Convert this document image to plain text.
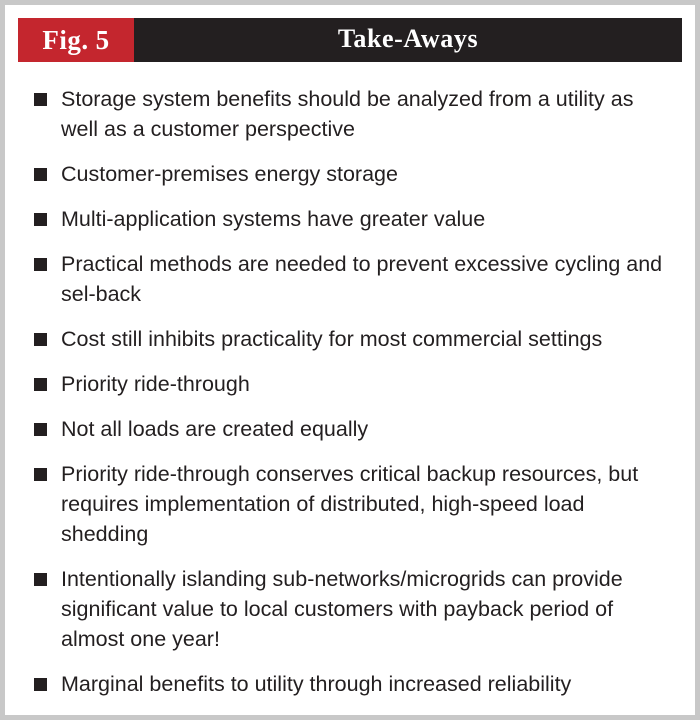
Fig. 5	Take-Aways
Storage system benefits should be analyzed from a utility as well as a customer perspective
Customer-premises energy storage
Multi-application systems have greater value
Practical methods are needed to prevent excessive cycling and sel-back
Cost still inhibits practicality for most commercial settings
Priority ride-through
Not all loads are created equally
Priority ride-through conserves critical backup resources, but requires implementation of distributed, high-speed load shedding
Intentionally islanding sub-networks/microgrids can provide significant value to local customers with payback period of almost one year!
Marginal benefits to utility through increased reliability
